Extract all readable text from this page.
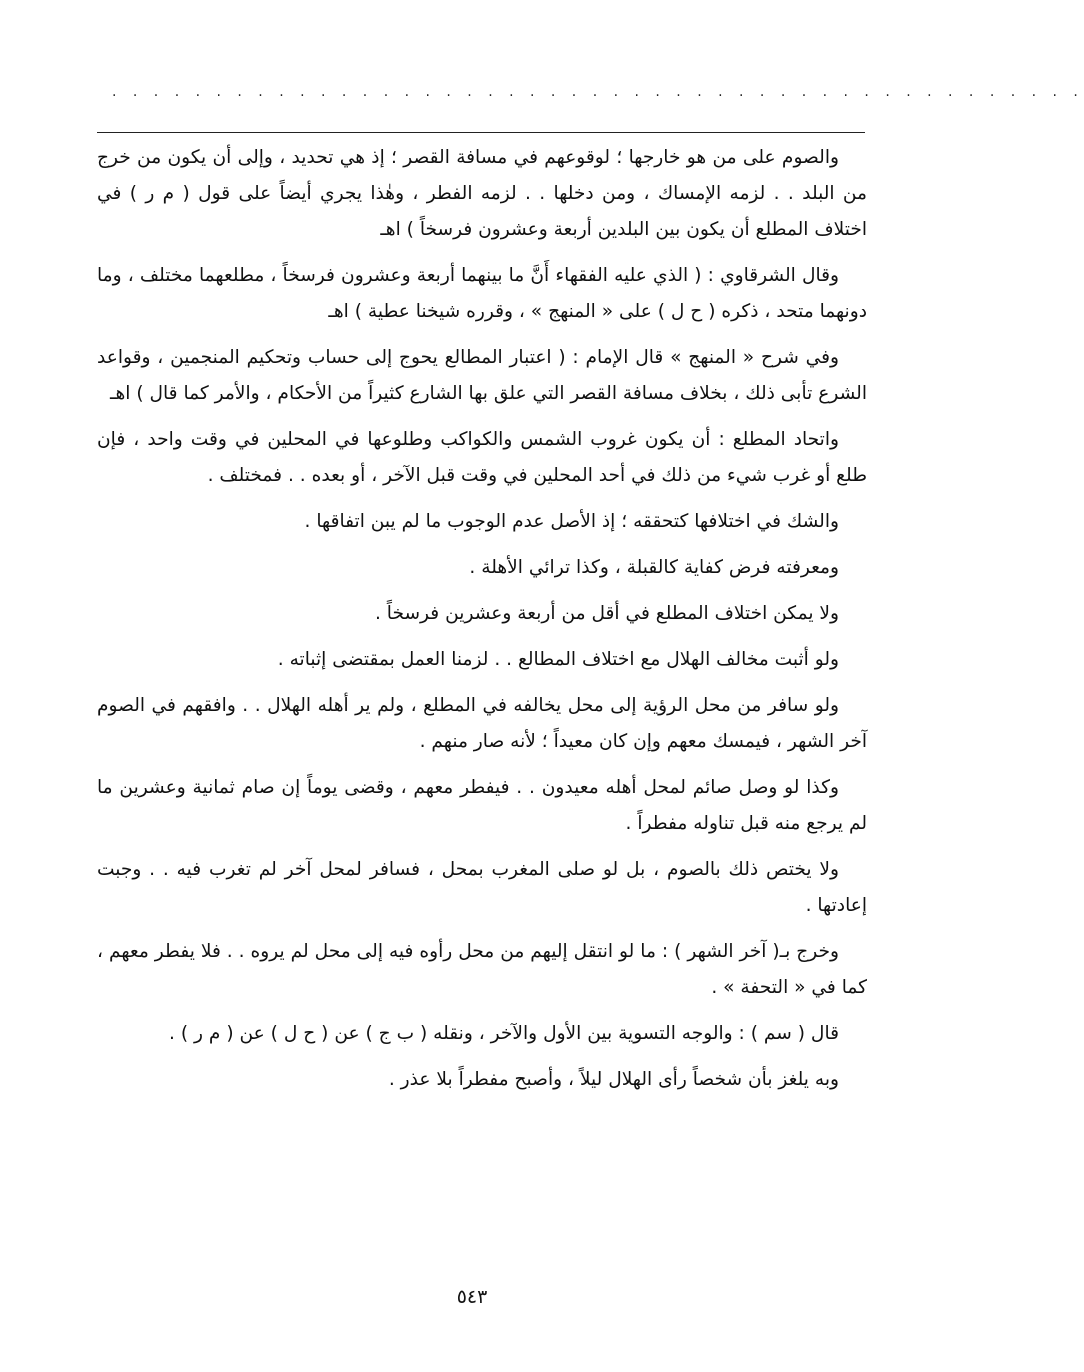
. . . . . . . . . . . . . . . . . . . . . . . . . . . . . . . . . . . . . . . . . . . . . . .

والصوم على من هو خارجها ؛ لوقوعهم في مسافة القصر ؛ إذ هي تحديد ، وإلى أن يكون من خرج من البلد . . لزمه الإمساك ، ومن دخلها . . لزمه الفطر ، وهٰذا يجري أيضاً على قول ( م ر ) في اختلاف المطلع أن يكون بين البلدين أربعة وعشرون فرسخاً ) اهـ

وقال الشرقاوي : ( الذي عليه الفقهاء أَنَّ ما بينهما أربعة وعشرون فرسخاً ، مطلعهما مختلف ، وما دونهما متحد ، ذكره ( ح ل ) على « المنهج » ، وقرره شيخنا عطية ) اهـ

وفي شرح « المنهج » قال الإمام : ( اعتبار المطالع يحوج إلى حساب وتحكيم المنجمين ، وقواعد الشرع تأبى ذلك ، بخلاف مسافة القصر التي علق بها الشارع كثيراً من الأحكام ، والأمر كما قال ) اهـ

واتحاد المطلع : أن يكون غروب الشمس والكواكب وطلوعها في المحلين في وقت واحد ، فإن طلع أو غرب شيء من ذلك في أحد المحلين في وقت قبل الآخر ، أو بعده . . فمختلف .

والشك في اختلافها كتحققه ؛ إذ الأصل عدم الوجوب ما لم يبن اتفاقها .

ومعرفته فرض كفاية كالقبلة ، وكذا ترائي الأهلة .

ولا يمكن اختلاف المطلع في أقل من أربعة وعشرين فرسخاً .

ولو أثبت مخالف الهلال مع اختلاف المطالع . . لزمنا العمل بمقتضى إثباته .

ولو سافر من محل الرؤية إلى محل يخالفه في المطلع ، ولم ير أهله الهلال . . وافقهم في الصوم آخر الشهر ، فيمسك معهم وإن كان معيداً ؛ لأنه صار منهم .

وكذا لو وصل صائم لمحل أهله معيدون . . فيفطر معهم ، وقضى يوماً إن صام ثمانية وعشرين ما لم يرجع منه قبل تناوله مفطراً .

ولا يختص ذلك بالصوم ، بل لو صلى المغرب بمحل ، فسافر لمحل آخر لم تغرب فيه . . وجبت إعادتها .

وخرج بـ( آخر الشهر ) : ما لو انتقل إليهم من محل رأوه فيه إلى محل لم يروه . . فلا يفطر معهم ، كما في « التحفة » .

قال ( سم ) : والوجه التسوية بين الأول والآخر ، ونقله ( ب ج ) عن ( ح ل ) عن ( م ر ) .

وبه يلغز بأن شخصاً رأى الهلال ليلاً ، وأصبح مفطراً بلا عذر .

٥٤٣
